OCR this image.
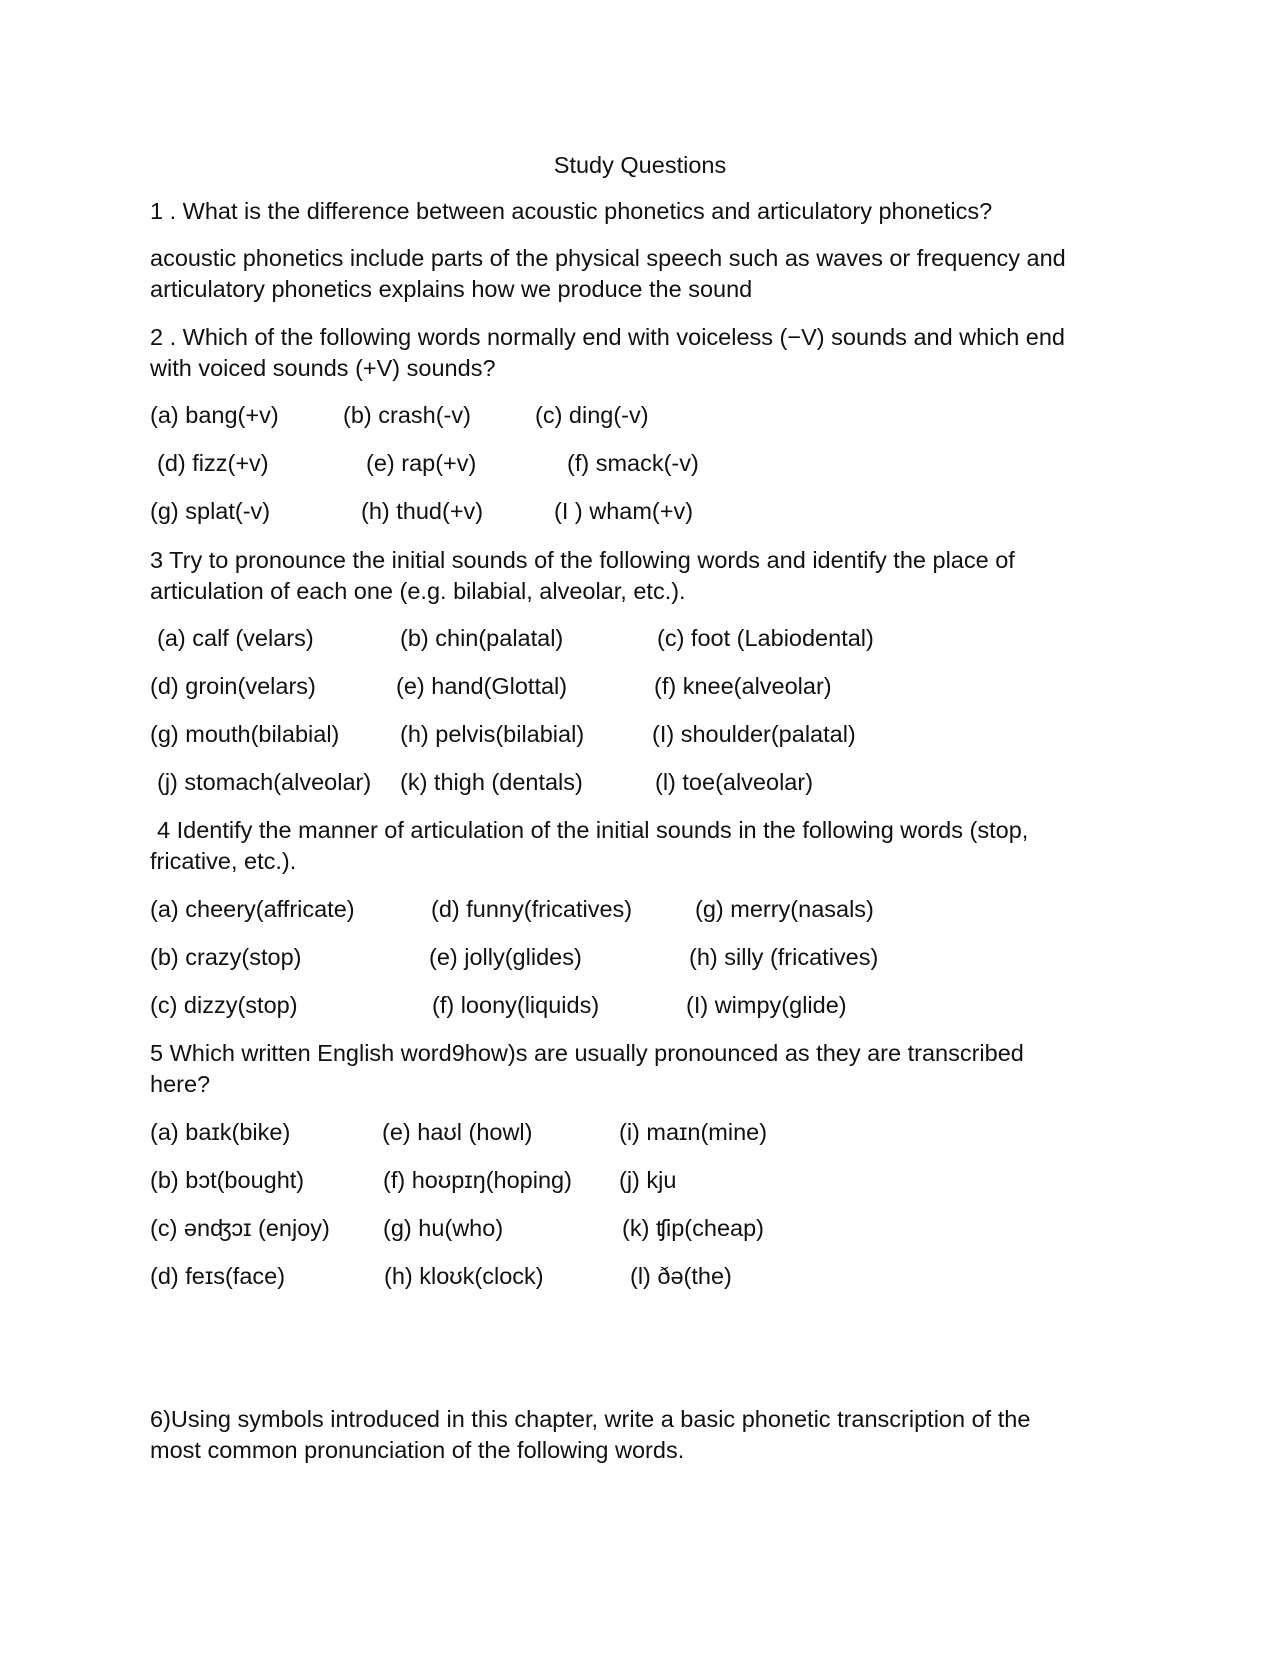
Study Questions

1 . What is the difference between acoustic phonetics and articulatory phonetics?

acoustic phonetics include parts of the physical speech such as waves or frequency and

articulatory phonetics explains how we produce the sound

2 . Which of the following words normally end with voiceless (−V) sounds and which end

with voiced sounds (+V) sounds?

(a) bang(+v)	(b) crash(-v)	(c) ding(-v)
(d) fizz(+v)	(e) rap(+v)	(f) smack(-v)
(g) splat(-v)	(h) thud(+v)	(I ) wham(+v)

3 Try to pronounce the initial sounds of the following words and identify the place of

articulation of each one (e.g. bilabial, alveolar, etc.).

(a) calf (velars)	(b) chin(palatal)	(c) foot (Labiodental)
(d) groin(velars)	(e) hand(Glottal)	(f) knee(alveolar)
(g) mouth(bilabial)	(h) pelvis(bilabial)	(I) shoulder(palatal)
(j) stomach(alveolar) (k) thigh (dentals)	(l) toe(alveolar)

4 Identify the manner of articulation of the initial sounds in the following words (stop,

fricative, etc.).

(a) cheery(affricate)	(d) funny(fricatives)	(g) merry(nasals)
(b) crazy(stop)	(e) jolly(glides)	(h) silly (fricatives)
(c) dizzy(stop)	(f) loony(liquids)	(I) wimpy(glide)

5 Which written English word9how)s are usually pronounced as they are transcribed

here?

(a) baɪk(bike)	(e) haʊl (howl)	(i) maɪn(mine)
(b) bɔt(bought)	(f) hoʊpɪŋ(hoping) (j) kju
(c) ənʤɔɪ (enjoy) (g) hu(who)	(k) ʧip(cheap)
(d) feɪs(face)	(h) kloʊk(clock)	(l) ðə(the)

6)Using symbols introduced in this chapter, write a basic phonetic transcription of the

most common pronunciation of the following words.
